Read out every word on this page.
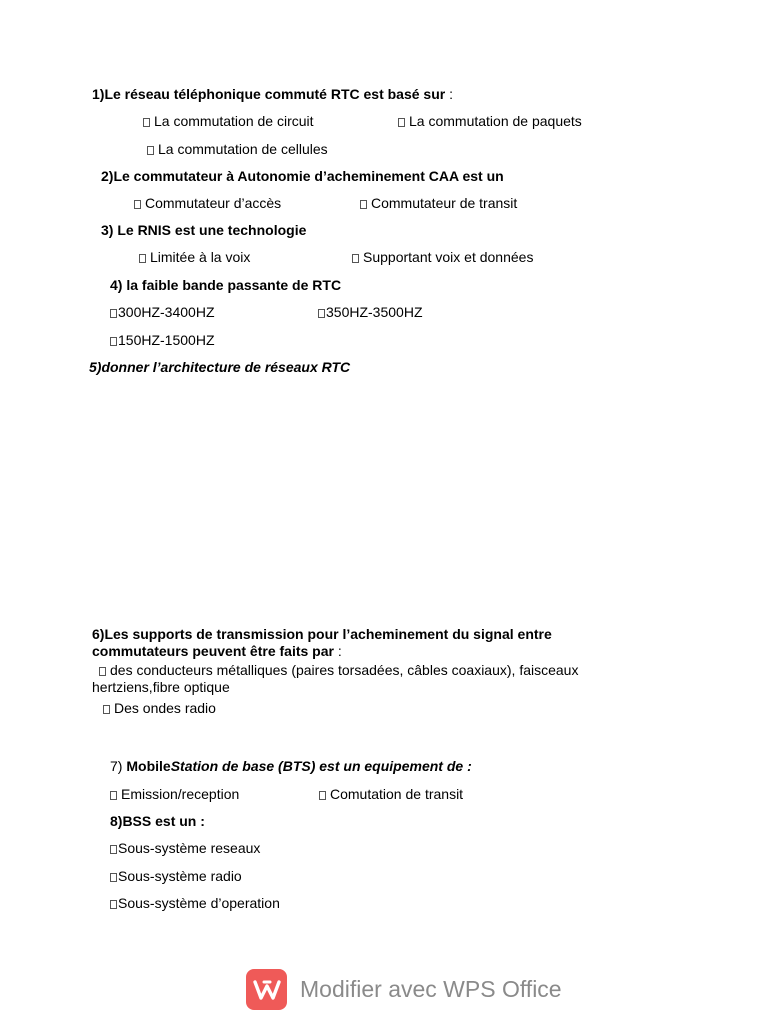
1)Le réseau téléphonique commuté RTC est basé sur :
La commutation de circuit	La commutation de paquets
La commutation de cellules
2)Le commutateur à Autonomie d’acheminement CAA est un
Commutateur d’accès	Commutateur de transit
3) Le RNIS est une technologie
Limitée à la voix	Supportant voix et données
4) la faible bande passante de RTC
300HZ-3400HZ	350HZ-3500HZ
150HZ-1500HZ
5)donner l’architecture de réseaux RTC
6)Les supports de transmission pour l’acheminement du signal entre commutateurs peuvent être faits par :
des conducteurs métalliques (paires torsadées, câbles coaxiaux), faisceaux hertziens,fibre optique
Des ondes radio
7) MobileStation de base (BTS) est un equipement de :
Emission/reception	Comutation de transit
8)BSS est un :
Sous-système reseaux
Sous-système radio
Sous-système d’operation
Modifier avec WPS Office
